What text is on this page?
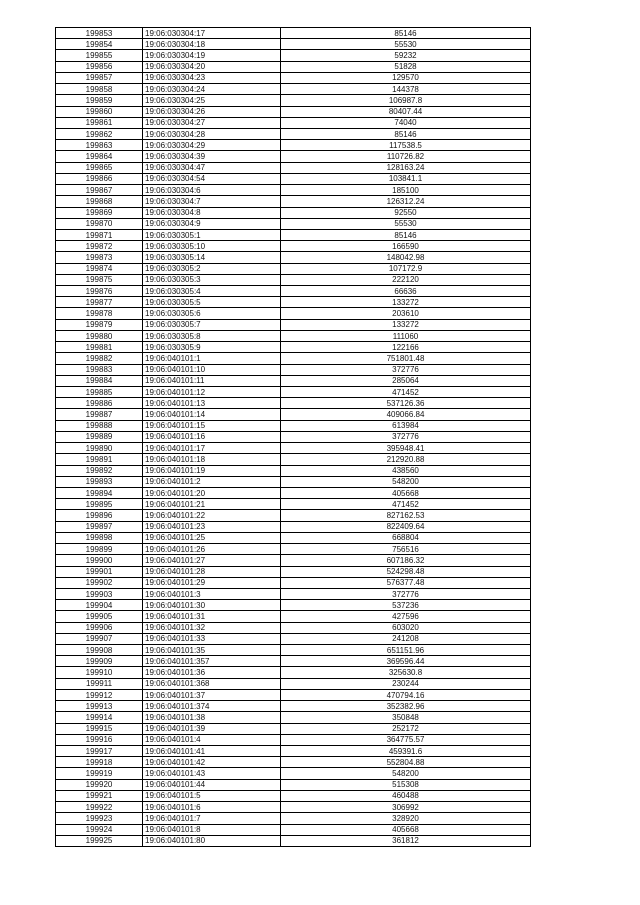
199853	19:06:030304:17	85146
199854	19:06:030304:18	55530
199855	19:06:030304:19	59232
199856	19:06:030304:20	51828
199857	19:06:030304:23	129570
199858	19:06:030304:24	144378
199859	19:06:030304:25	106987.8
199860	19:06:030304:26	80407.44
199861	19:06:030304:27	74040
199862	19:06:030304:28	85146
199863	19:06:030304:29	117538.5
199864	19:06:030304:39	110726.82
199865	19:06:030304:47	128163.24
199866	19:06:030304:54	103841.1
199867	19:06:030304:6	185100
199868	19:06:030304:7	126312.24
199869	19:06:030304:8	92550
199870	19:06:030304:9	55530
199871	19:06:030305:1	85146
199872	19:06:030305:10	166590
199873	19:06:030305:14	148042.98
199874	19:06:030305:2	107172.9
199875	19:06:030305:3	222120
199876	19:06:030305:4	66636
199877	19:06:030305:5	133272
199878	19:06:030305:6	203610
199879	19:06:030305:7	133272
199880	19:06:030305:8	111060
199881	19:06:030305:9	122166
199882	19:06:040101:1	751801.48
199883	19:06:040101:10	372776
199884	19:06:040101:11	285064
199885	19:06:040101:12	471452
199886	19:06:040101:13	537126.36
199887	19:06:040101:14	409066.84
199888	19:06:040101:15	613984
199889	19:06:040101:16	372776
199890	19:06:040101:17	395948.41
199891	19:06:040101:18	212920.88
199892	19:06:040101:19	438560
199893	19:06:040101:2	548200
199894	19:06:040101:20	405668
199895	19:06:040101:21	471452
199896	19:06:040101:22	827162.53
199897	19:06:040101:23	822409.64
199898	19:06:040101:25	668804
199899	19:06:040101:26	756516
199900	19:06:040101:27	607186.32
199901	19:06:040101:28	524298.48
199902	19:06:040101:29	576377.48
199903	19:06:040101:3	372776
199904	19:06:040101:30	537236
199905	19:06:040101:31	427596
199906	19:06:040101:32	603020
199907	19:06:040101:33	241208
199908	19:06:040101:35	651151.96
199909	19:06:040101:357	369596.44
199910	19:06:040101:36	325630.8
199911	19:06:040101:368	230244
199912	19:06:040101:37	470794.16
199913	19:06:040101:374	352382.96
199914	19:06:040101:38	350848
199915	19:06:040101:39	252172
199916	19:06:040101:4	364775.57
199917	19:06:040101:41	459391.6
199918	19:06:040101:42	552804.88
199919	19:06:040101:43	548200
199920	19:06:040101:44	515308
199921	19:06:040101:5	460488
199922	19:06:040101:6	306992
199923	19:06:040101:7	328920
199924	19:06:040101:8	405668
199925	19:06:040101:80	361812
